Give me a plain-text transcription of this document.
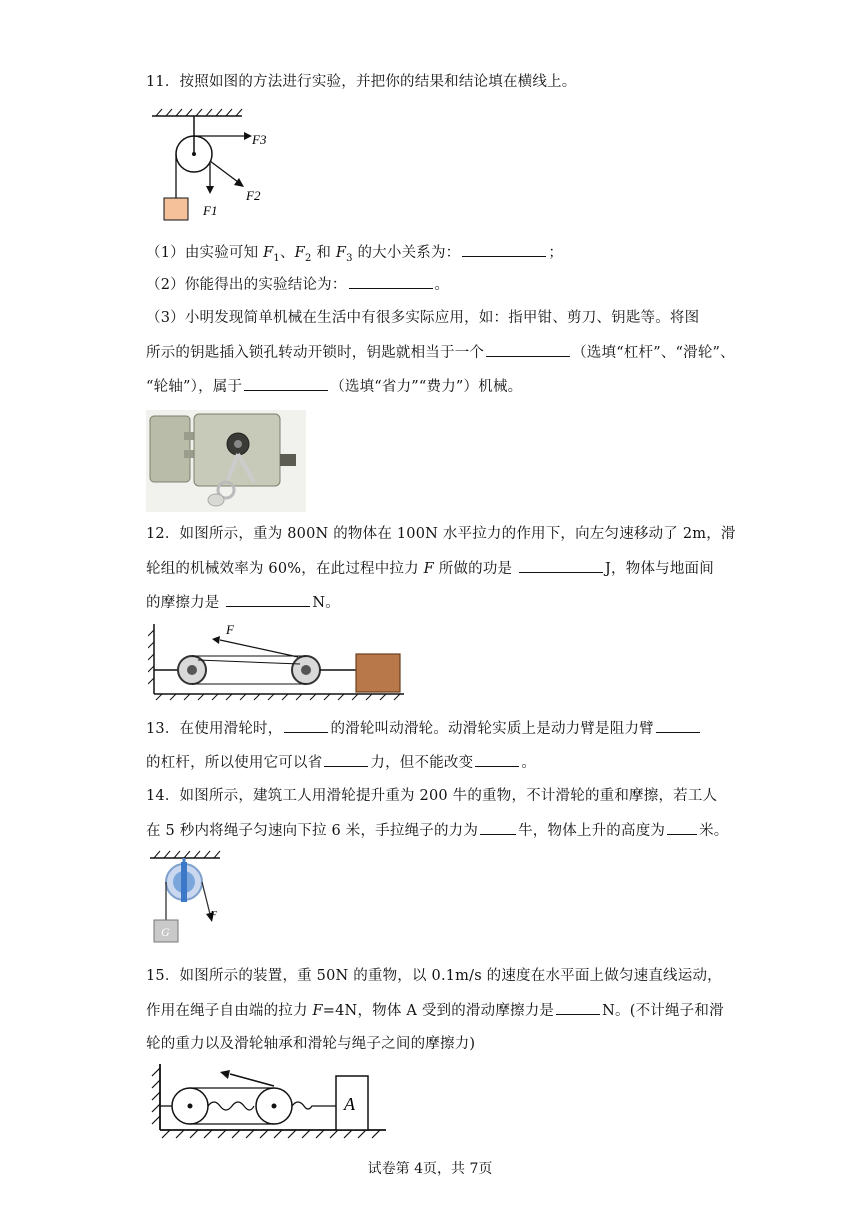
11．按照如图的方法进行实验，并把你的结果和结论填在横线上。
F3
F2
F1
（1）由实验可知 $F_1$、$F_2$ 和 $F_3$ 的大小关系为：	；
（2）你能得出的实验结论为：	。
（3）小明发现简单机械在生活中有很多实际应用，如：指甲钳、剪刀、钥匙等。将图
所示的钥匙插入锁孔转动开锁时，钥匙就相当于一个	（选填“杠杆”、“滑轮”、
“轮轴”），属于	（选填“省力”“费力”）机械。
12．如图所示，重为 800N 的物体在 100N 水平拉力的作用下，向左匀速移动了 2m，滑
轮组的机械效率为 60%，在此过程中拉力 F 所做的功是	J，物体与地面间
的摩擦力是	N。
F
13．在使用滑轮时，	的滑轮叫动滑轮。动滑轮实质上是动力臂是阻力臂
的杠杆，所以使用它可以省	力，但不能改变	。
14．如图所示，建筑工人用滑轮提升重为 200 牛的重物，不计滑轮的重和摩擦，若工人
在 5 秒内将绳子匀速向下拉 6 米，手拉绳子的力为	牛，物体上升的高度为 米。
G
F
15．如图所示的装置，重 50N 的重物，以 0.1m/s 的速度在水平面上做匀速直线运动，
作用在绳子自由端的拉力 F=4N，物体 A 受到的滑动摩擦力是	N。(不计绳子和滑
轮的重力以及滑轮轴承和滑轮与绳子之间的摩擦力)
A
试卷第 4页，共 7页
